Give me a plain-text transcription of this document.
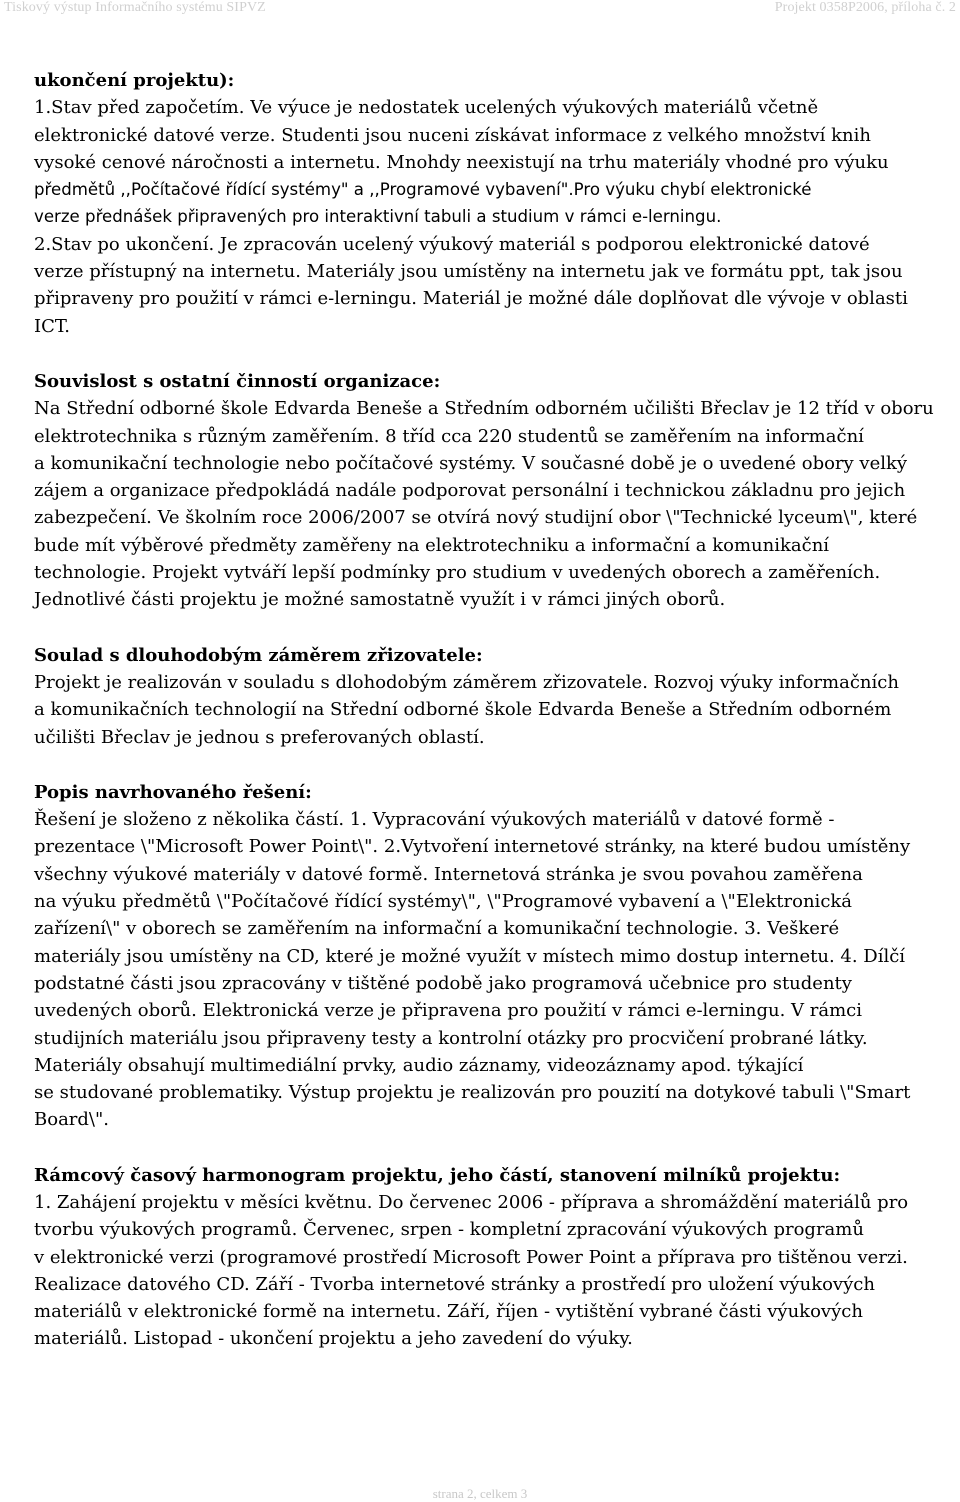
Tiskový výstup Informačního systému SIPVZ	Projekt 0358P2006, příloha č. 2
ukončení projektu):
1.Stav před započetím. Ve výuce je nedostatek ucelených výukových materiálů včetně
elektronické datové verze. Studenti jsou nuceni získávat informace z velkého množství knih
vysoké cenové náročnosti a internetu. Mnohdy neexistují na trhu materiály vhodné pro výuku
předmětů ,,Počítačové řídící systémy" a ,,Programové vybavení".Pro výuku chybí elektronické
verze přednášek připravených pro interaktivní tabuli a studium v rámci e-lerningu.
2.Stav po ukončení. Je zpracován ucelený výukový materiál s podporou elektronické datové
verze přístupný na internetu. Materiály jsou umístěny na internetu jak ve formátu ppt, tak jsou
připraveny pro použití v rámci e-lerningu. Materiál je možné dále doplňovat dle vývoje v oblasti
ICT.
Souvislost s ostatní činností organizace:
Na Střední odborné škole Edvarda Beneše a Středním odborném učilišti Břeclav je 12 tříd v oboru
elektrotechnika s různým zaměřením. 8 tříd cca 220 studentů se zaměřením na informační
a komunikační technologie nebo počítačové systémy. V současné době je o uvedené obory velký
zájem a organizace předpokládá nadále podporovat personální i technickou základnu pro jejich
zabezpečení. Ve školním roce 2006/2007 se otvírá nový studijní obor \"Technické lyceum\", které
bude mít výběrové předměty zaměřeny na elektrotechniku a informační a komunikační
technologie. Projekt vytváří lepší podmínky pro studium v uvedených oborech a zaměřeních.
Jednotlivé části projektu je možné samostatně využít i v rámci jiných oborů.
Soulad s dlouhodobým záměrem zřizovatele:
Projekt je realizován v souladu s dlohodobým záměrem zřizovatele. Rozvoj výuky informačních
a komunikačních technologií na Střední odborné škole Edvarda Beneše a Středním odborném
učilišti Břeclav je jednou s preferovaných oblastí.
Popis navrhovaného řešení:
Řešení je složeno z několika částí. 1. Vypracování výukových materiálů v datové formě -
prezentace \"Microsoft Power Point\". 2.Vytvoření internetové stránky, na které budou umístěny
všechny výukové materiály v datové formě. Internetová stránka je svou povahou zaměřena
na výuku předmětů \"Počítačové řídící systémy\", \"Programové vybavení a \"Elektronická
zařízení\" v oborech se zaměřením na informační a komunikační technologie. 3. Veškeré
materiály jsou umístěny na CD, které je možné využít v místech mimo dostup internetu. 4. Dílčí
podstatné části jsou zpracovány v tištěné podobě jako programová učebnice pro studenty
uvedených oborů. Elektronická verze je připravena pro použití v rámci e-lerningu. V rámci
studijních materiálu jsou připraveny testy a kontrolní otázky pro procvičení probrané látky.
Materiály obsahují multimediální prvky, audio záznamy, videozáznamy apod. týkající
se studované problematiky. Výstup projektu je realizován pro pouzití na dotykové tabuli \"Smart
Board\".
Rámcový časový harmonogram projektu, jeho částí, stanovení milníků projektu:
1. Zahájení projektu v měsíci květnu. Do červenec 2006 - příprava a shromáždění materiálů pro
tvorbu výukových programů. Červenec, srpen - kompletní zpracování výukových programů
v elektronické verzi (programové prostředí Microsoft Power Point a příprava pro tištěnou verzi.
Realizace datového CD. Září - Tvorba internetové stránky a prostředí pro uložení výukových
materiálů v elektronické formě na internetu. Září, říjen - vytištění vybrané části výukových
materiálů. Listopad - ukončení projektu a jeho zavedení do výuky.
strana 2, celkem 3
